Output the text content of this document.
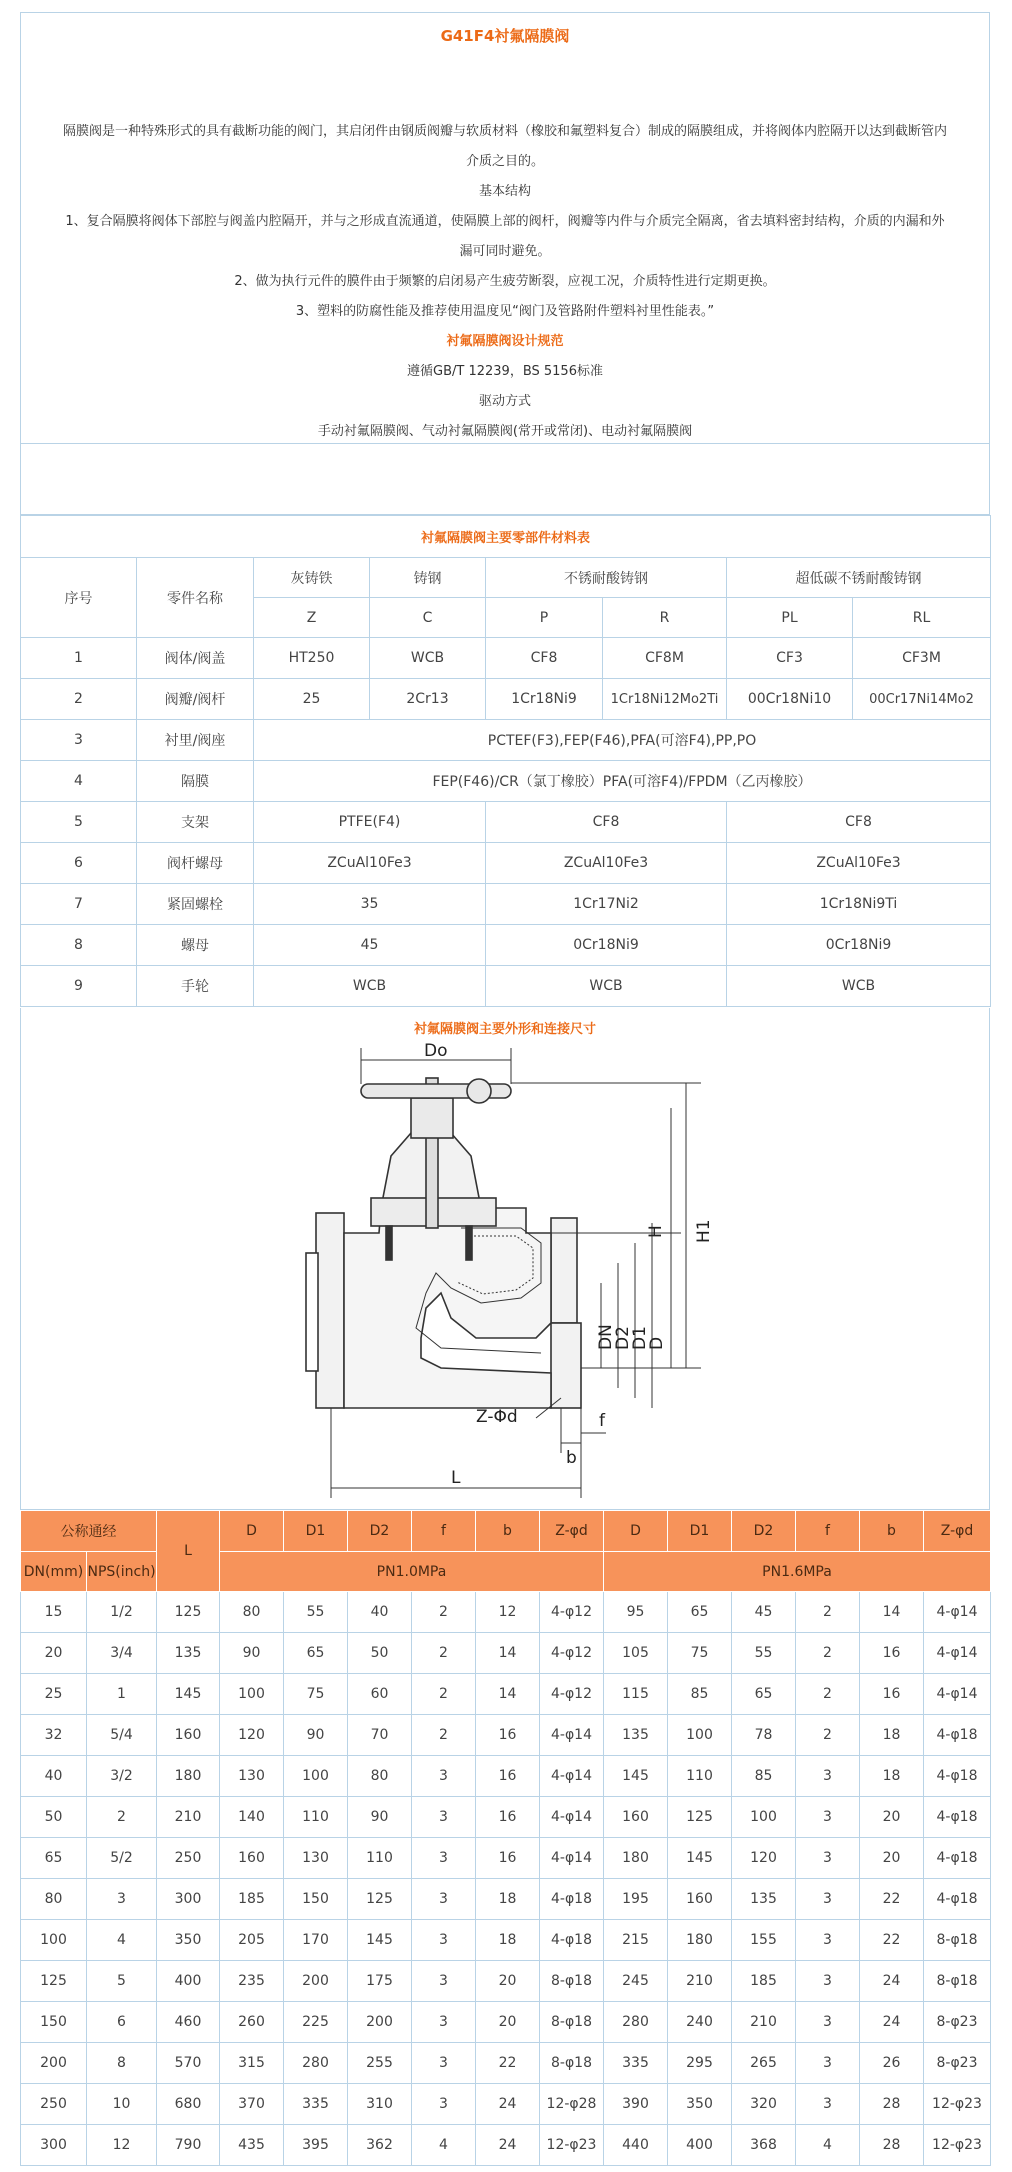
G41F4衬氟隔膜阀
隔膜阀是一种特殊形式的具有截断功能的阀门，其启闭件由钢质阀瓣与软质材料（橡胶和氟塑料复合）制成的隔膜组成，并将阀体内腔隔开以达到截断管内
介质之目的。
基本结构
1、复合隔膜将阀体下部腔与阀盖内腔隔开，并与之形成直流通道，使隔膜上部的阀杆，阀瓣等内件与介质完全隔离，省去填料密封结构，介质的内漏和外
漏可同时避免。
2、做为执行元件的膜件由于频繁的启闭易产生疲劳断裂，应视工况，介质特性进行定期更换。
3、塑料的防腐性能及推荐使用温度见“阀门及管路附件塑料衬里性能表。”
衬氟隔膜阀设计规范
遵循GB/T 12239，BS 5156标准
驱动方式
手动衬氟隔膜阀、气动衬氟隔膜阀(常开或常闭)、电动衬氟隔膜阀
衬氟隔膜阀主要零部件材料表							
序号	零件名称	灰铸铁	铸钢	不锈耐酸铸钢		超低碳不锈耐酸铸钢	
		Z	C	P	R	PL	RL
1	阀体/阀盖	HT250	WCB	CF8	CF8M	CF3	CF3M
2	阀瓣/阀杆	25	2Cr13	1Cr18Ni9	1Cr18Ni12Mo2Ti	00Cr18Ni10	00Cr17Ni14Mo2
3	衬里/阀座	PCTEF(F3),FEP(F46),PFA(可溶F4),PP,PO					
4	隔膜	FEP(F46)/CR（氯丁橡胶）PFA(可溶F4)/FPDM（乙丙橡胶）					
5	支架	PTFE(F4)		CF8		CF8	
6	阀杆螺母	ZCuAl10Fe3		ZCuAl10Fe3		ZCuAl10Fe3	
7	紧固螺栓	35		1Cr17Ni2		1Cr18Ni9Ti	
8	螺母	45		0Cr18Ni9		0Cr18Ni9	
9	手轮	WCB		WCB		WCB	
衬氟隔膜阀主要外形和连接尺寸
Do
H H1
DN
D2
D1
D
Z-Φd
b
f
L
公称通经		L	D	D1	D2	f	b	Z-φd	D	D1	D2	f	b	Z-φd
DN(mm)	NPS(inch)		PN1.0MPa						PN1.6MPa					
15	1/2	125	80	55	40	2	12	4-φ12	95	65	45	2	14	4-φ14
20	3/4	135	90	65	50	2	14	4-φ12	105	75	55	2	16	4-φ14
25	1	145	100	75	60	2	14	4-φ12	115	85	65	2	16	4-φ14
32	5/4	160	120	90	70	2	16	4-φ14	135	100	78	2	18	4-φ18
40	3/2	180	130	100	80	3	16	4-φ14	145	110	85	3	18	4-φ18
50	2	210	140	110	90	3	16	4-φ14	160	125	100	3	20	4-φ18
65	5/2	250	160	130	110	3	16	4-φ14	180	145	120	3	20	4-φ18
80	3	300	185	150	125	3	18	4-φ18	195	160	135	3	22	4-φ18
100	4	350	205	170	145	3	18	4-φ18	215	180	155	3	22	8-φ18
125	5	400	235	200	175	3	20	8-φ18	245	210	185	3	24	8-φ18
150	6	460	260	225	200	3	20	8-φ18	280	240	210	3	24	8-φ23
200	8	570	315	280	255	3	22	8-φ18	335	295	265	3	26	8-φ23
250	10	680	370	335	310	3	24	12-φ28	390	350	320	3	28	12-φ23
300	12	790	435	395	362	4	24	12-φ23	440	400	368	4	28	12-φ23
